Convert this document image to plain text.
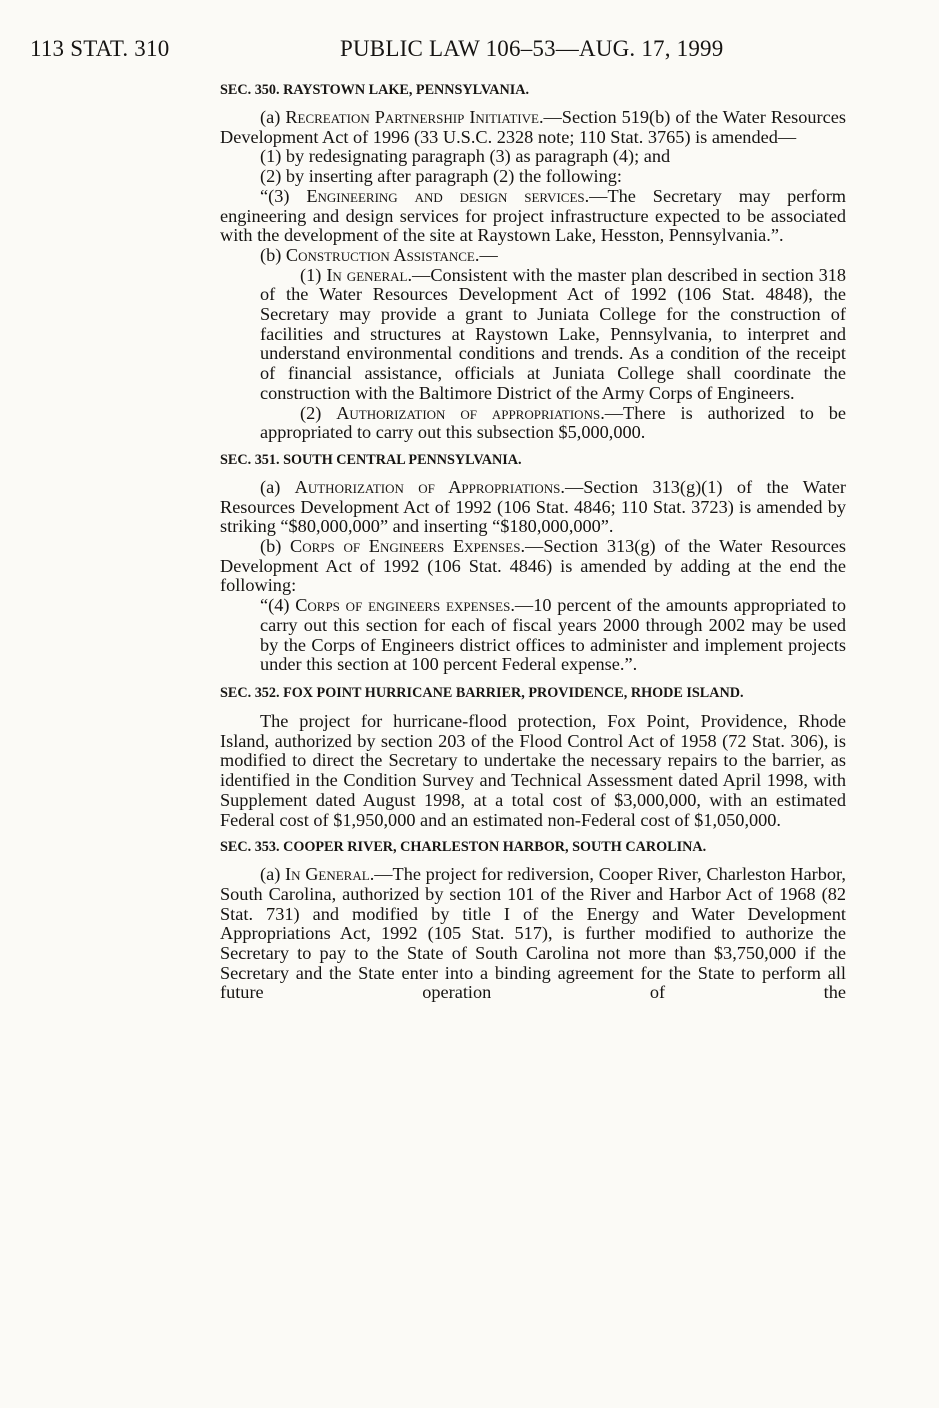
113 STAT. 310	PUBLIC LAW 106–53—AUG. 17, 1999
SEC. 350. RAYSTOWN LAKE, PENNSYLVANIA.

(a) Recreation Partnership Initiative.—Section 519(b) of the Water Resources Development Act of 1996 (33 U.S.C. 2328 note; 110 Stat. 3765) is amended—

(1) by redesignating paragraph (3) as paragraph (4); and

(2) by inserting after paragraph (2) the following:

“(3) Engineering and design services.—The Secretary may perform engineering and design services for project infrastructure expected to be associated with the development of the site at Raystown Lake, Hesston, Pennsylvania.”.

(b) Construction Assistance.—

(1) In general.—Consistent with the master plan described in section 318 of the Water Resources Development Act of 1992 (106 Stat. 4848), the Secretary may provide a grant to Juniata College for the construction of facilities and structures at Raystown Lake, Pennsylvania, to interpret and understand environmental conditions and trends. As a condition of the receipt of financial assistance, officials at Juniata College shall coordinate the construction with the Baltimore District of the Army Corps of Engineers.

(2) Authorization of appropriations.—There is authorized to be appropriated to carry out this subsection $5,000,000.

SEC. 351. SOUTH CENTRAL PENNSYLVANIA.

(a) Authorization of Appropriations.—Section 313(g)(1) of the Water Resources Development Act of 1992 (106 Stat. 4846; 110 Stat. 3723) is amended by striking “$80,000,000” and inserting “$180,000,000”.

(b) Corps of Engineers Expenses.—Section 313(g) of the Water Resources Development Act of 1992 (106 Stat. 4846) is amended by adding at the end the following:

“(4) Corps of engineers expenses.—10 percent of the amounts appropriated to carry out this section for each of fiscal years 2000 through 2002 may be used by the Corps of Engineers district offices to administer and implement projects under this section at 100 percent Federal expense.”.

SEC. 352. FOX POINT HURRICANE BARRIER, PROVIDENCE, RHODE ISLAND.

The project for hurricane-flood protection, Fox Point, Providence, Rhode Island, authorized by section 203 of the Flood Control Act of 1958 (72 Stat. 306), is modified to direct the Secretary to undertake the necessary repairs to the barrier, as identified in the Condition Survey and Technical Assessment dated April 1998, with Supplement dated August 1998, at a total cost of $3,000,000, with an estimated Federal cost of $1,950,000 and an estimated non-Federal cost of $1,050,000.

SEC. 353. COOPER RIVER, CHARLESTON HARBOR, SOUTH CAROLINA.

(a) In General.—The project for rediversion, Cooper River, Charleston Harbor, South Carolina, authorized by section 101 of the River and Harbor Act of 1968 (82 Stat. 731) and modified by title I of the Energy and Water Development Appropriations Act, 1992 (105 Stat. 517), is further modified to authorize the Secretary to pay to the State of South Carolina not more than $3,750,000 if the Secretary and the State enter into a binding agreement for the State to perform all future operation of the
